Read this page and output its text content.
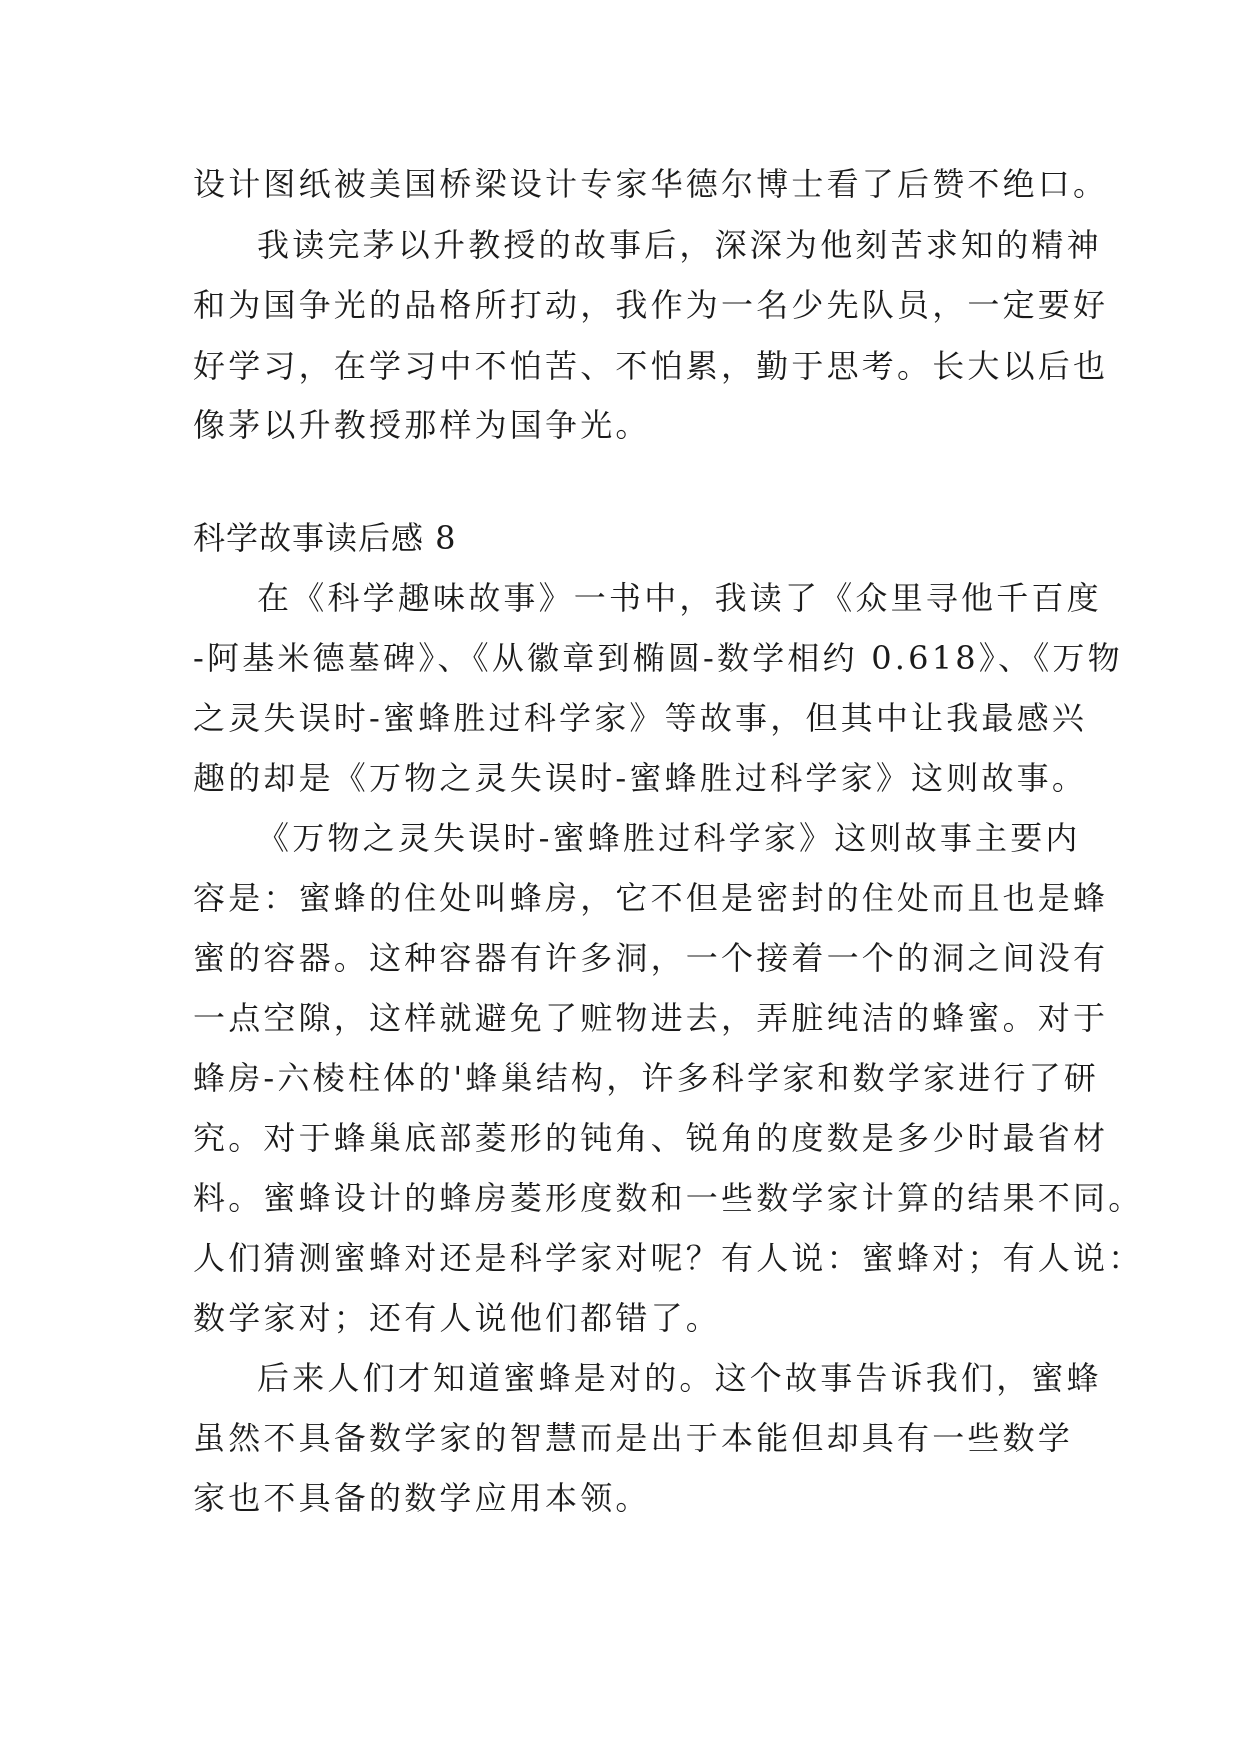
设计图纸被美国桥梁设计专家华德尔博士看了后赞不绝口。
我读完茅以升教授的故事后，深深为他刻苦求知的精神
和为国争光的品格所打动，我作为一名少先队员，一定要好
好学习，在学习中不怕苦、不怕累，勤于思考。长大以后也
像茅以升教授那样为国争光。
科学故事读后感 8
在《科学趣味故事》一书中，我读了《众里寻他千百度
-阿基米德墓碑》、《从徽章到椭圆-数学相约 0.618》、《万物
之灵失误时-蜜蜂胜过科学家》等故事，但其中让我最感兴
趣的却是《万物之灵失误时-蜜蜂胜过科学家》这则故事。
《万物之灵失误时-蜜蜂胜过科学家》这则故事主要内
容是：蜜蜂的住处叫蜂房，它不但是密封的住处而且也是蜂
蜜的容器。这种容器有许多洞，一个接着一个的洞之间没有
一点空隙，这样就避免了赃物进去，弄脏纯洁的蜂蜜。对于
蜂房-六棱柱体的'蜂巢结构，许多科学家和数学家进行了研
究。对于蜂巢底部菱形的钝角、锐角的度数是多少时最省材
料。蜜蜂设计的蜂房菱形度数和一些数学家计算的结果不同。
人们猜测蜜蜂对还是科学家对呢？有人说：蜜蜂对；有人说：
数学家对；还有人说他们都错了。
后来人们才知道蜜蜂是对的。这个故事告诉我们，蜜蜂
虽然不具备数学家的智慧而是出于本能但却具有一些数学
家也不具备的数学应用本领。
